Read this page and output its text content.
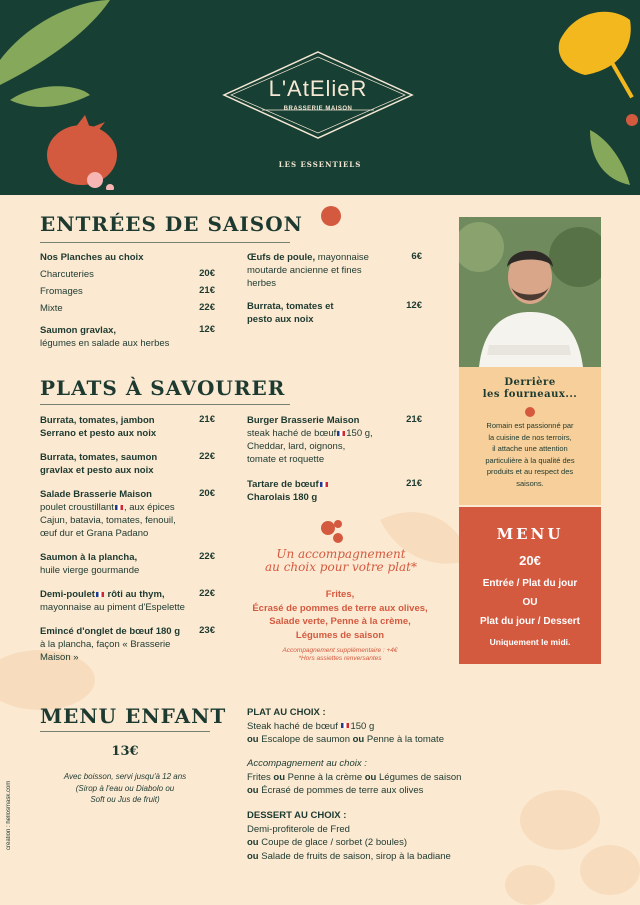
L'AtElieR
BRASSERIE MAISON
LES ESSENTIELS
ENTRÉES DE SAISON
Nos Planches au choix
Charcuteries	20€
Fromages	21€
Mixte	22€
Saumon gravlax,
légumes en salade aux herbes
12€
Œufs de poule, mayonnaise
moutarde ancienne et fines
herbes
6€
Burrata, tomates et
pesto aux noix
12€
PLATS À SAVOURER
Burrata, tomates, jambon
Serrano et pesto aux noix
21€
Burrata, tomates, saumon
gravlax et pesto aux noix
22€
Salade Brasserie Maison
poulet croustillant , aux épices
Cajun, batavia, tomates, fenouil,
œuf dur et Grana Padano
20€
Saumon à la plancha,
huile vierge gourmande
22€
Demi-poulet rôti au thym,
mayonnaise au piment d'Espelette
22€
Emincé d'onglet de bœuf 180 g
à la plancha, façon « Brasserie
Maison »
23€
Burger Brasserie Maison
steak haché de bœuf 150 g,
Cheddar, lard, oignons,
tomate et roquette
21€
Tartare de bœuf
Charolais 180 g
21€
Un accompagnement
au choix pour votre plat*
Frites,
Écrasé de pommes de terre aux olives,
Salade verte, Penne à la crème,
Légumes de saison
Accompagnement supplémentaire : +4€
*Hors assiettes renversantes
Derrière
les fourneaux...
Romain est passionné par
la cuisine de nos terroirs,
il attache une attention
particulière à la qualité des
produits et au respect des
saisons.
MENU
20€
Entrée / Plat du jour
OU
Plat du jour / Dessert
Uniquement le midi.
MENU ENFANT
13€
Avec boisson, servi jusqu'à 12 ans
(Sirop à l'eau ou Diabolo ou
Soft ou Jus de fruit)
PLAT AU CHOIX :
Steak haché de bœuf 150 g
ou Escalope de saumon ou Penne à la tomate
Accompagnement au choix :
Frites ou Penne à la crème ou Légumes de saison
ou Écrasé de pommes de terre aux olives
DESSERT AU CHOIX :
Demi-profiterole de Fred
ou Coupe de glace / sorbet (2 boules)
ou Salade de fruits de saison, sirop à la badiane
création : hellosmask.com
